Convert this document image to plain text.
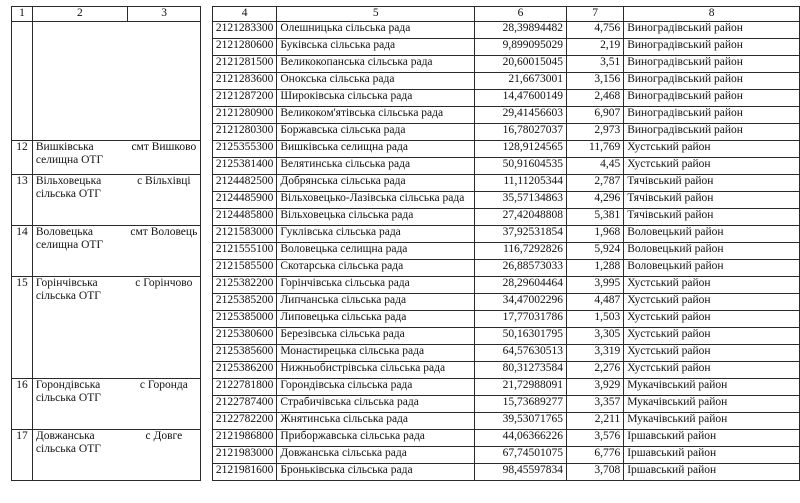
1	2	3		4	5	6	7	8
				2121283300	Олешницька сільська рада	28,39894482	4,756	Виноградівський район
				2121280600	Буківська сільська рада	9,899095029	2,19	Виноградівський район
				2121281500	Великокопанська сільська рада	20,60015045	3,51	Виноградівський район
				2121283600	Онокська сільська рада	21,6673001	3,156	Виноградівський район
				2121287200	Широківська сільська рада	14,47600149	2,468	Виноградівський район
				2121280900	Великоком'ятівська сільська рада	29,41456603	6,907	Виноградівський район
				2121280300	Боржавська сільська рада	16,78027037	2,973	Виноградівський район
12	Вишківська селищна ОТГ	смт Вишково		2125355300	Вишківська селищна рада	128,9124565	11,769	Хустський район
				2125381400	Велятинська сільська рада	50,91604535	4,45	Хустський район
13	Вільховецька сільська ОТГ	с Вільхівці		2124482500	Добрянська сільська рада	11,11205344	2,787	Тячівський район
				2124485900	Вільховецько-Лазівська сільська рада	35,57134863	4,296	Тячівський район
				2124485800	Вільховецька сільська рада	27,42048808	5,381	Тячівський район
14	Воловецька селищна ОТГ	смт Воловець		2121583000	Гуклівська сільська рада	37,92531854	1,968	Воловецький район
				2121555100	Воловецька селищна рада	116,7292826	5,924	Воловецький район
				2121585500	Скотарська сільська рада	26,88573033	1,288	Воловецький район
15	Горінчівська сільська ОТГ	с Горінчово		2125382200	Горінчівська сільська рада	28,29604464	3,995	Хустський район
				2125385200	Липчанська сільська рада	34,47002296	4,487	Хустський район
				2125385000	Липовецька сільська рада	17,77031786	1,503	Хустський район
				2125380600	Березівська сільська рада	50,16301795	3,305	Хустський район
				2125385600	Монастирецька сільська рада	64,57630513	3,319	Хустський район
				2125386200	Нижньобистрівська сільська рада	80,31273584	2,276	Хустський район
16	Горондівська сільська ОТГ	с Горонда		2122781800	Горондівська сільська рада	21,72988091	3,929	Мукачівський район
				2122787400	Страбичівська сільська рада	15,73689277	3,357	Мукачівський район
				2122782200	Жнятинська сільська рада	39,53071765	2,211	Мукачівський район
17	Довжанська сільська ОТГ	с Довге		2121986800	Приборжавська сільська рада	44,06366226	3,576	Іршавський район
				2121983000	Довжанська сільська рада	67,74501075	6,776	Іршавський район
				2121981600	Броньківська сільська рада	98,45597834	3,708	Іршавський район
